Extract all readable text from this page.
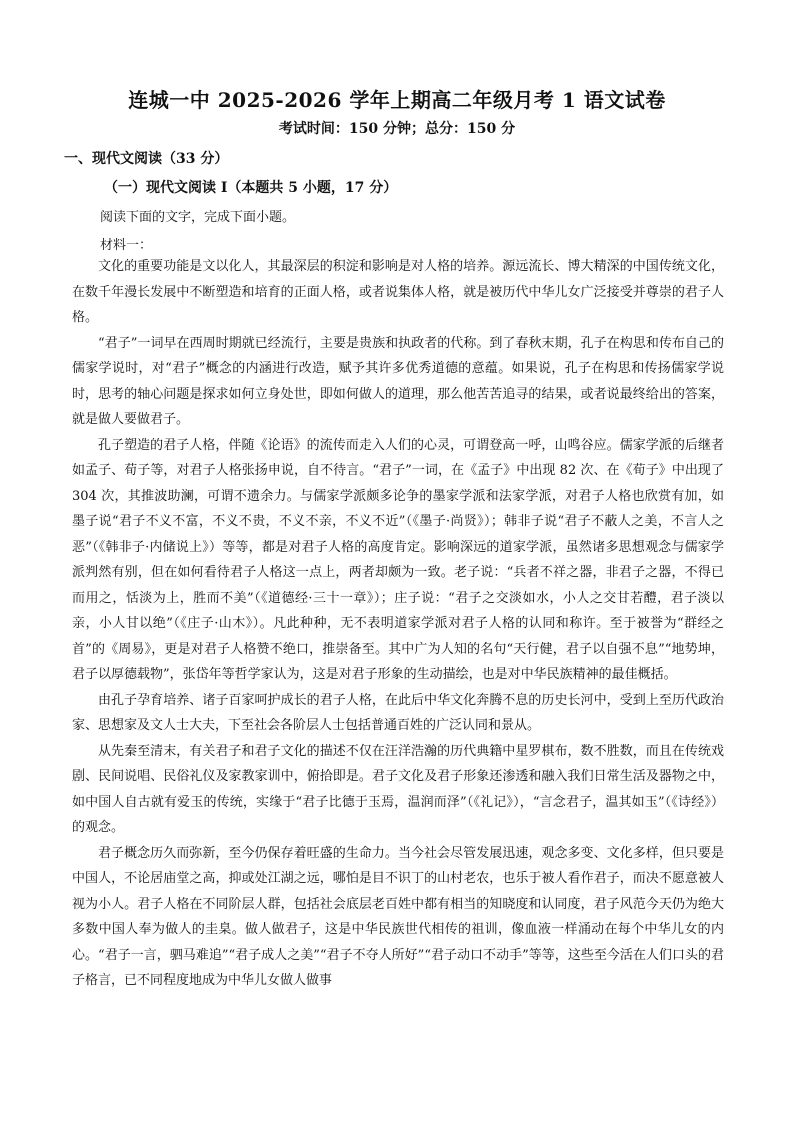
连城一中 2025-2026 学年上期高二年级月考 1 语文试卷
考试时间：150 分钟；总分：150 分
一、现代文阅读（33 分）
（一）现代文阅读 I（本题共 5 小题，17 分）
阅读下面的文字，完成下面小题。
材料一：

文化的重要功能是文以化人，其最深层的积淀和影响是对人格的培养。源远流长、博大精深的中国传统文化，在数千年漫长发展中不断塑造和培育的正面人格，或者说集体人格，就是被历代中华儿女广泛接受并尊崇的君子人格。

“君子”一词早在西周时期就已经流行，主要是贵族和执政者的代称。到了春秋末期，孔子在构思和传布自己的儒家学说时，对“君子”概念的内涵进行改造，赋予其许多优秀道德的意蕴。如果说，孔子在构思和传扬儒家学说时，思考的轴心问题是探求如何立身处世，即如何做人的道理，那么他苦苦追寻的结果，或者说最终给出的答案，就是做人要做君子。

孔子塑造的君子人格，伴随《论语》的流传而走入人们的心灵，可谓登高一呼，山鸣谷应。儒家学派的后继者如孟子、荀子等，对君子人格张扬申说，自不待言。“君子”一词，在《孟子》中出现 82 次、在《荀子》中出现了 304 次，其推波助澜，可谓不遗余力。与儒家学派颇多论争的墨家学派和法家学派，对君子人格也欣赏有加，如墨子说“君子不义不富，不义不贵，不义不亲，不义不近”（《墨子·尚贤》）；韩非子说“君子不蔽人之美，不言人之恶”（《韩非子·内储说上》）等等，都是对君子人格的高度肯定。影响深远的道家学派，虽然诸多思想观念与儒家学派判然有别，但在如何看待君子人格这一点上，两者却颇为一致。老子说：“兵者不祥之器，非君子之器，不得已而用之，恬淡为上，胜而不美”（《道德经·三十一章》）；庄子说：“君子之交淡如水，小人之交甘若醴，君子淡以亲，小人甘以绝”（《庄子·山木》）。凡此种种，无不表明道家学派对君子人格的认同和称许。至于被誉为“群经之首”的《周易》，更是对君子人格赞不绝口，推崇备至。其中广为人知的名句“天行健，君子以自强不息”“地势坤，君子以厚德载物”，张岱年等哲学家认为，这是对君子形象的生动描绘，也是对中华民族精神的最佳概括。

由孔子孕育培养、诸子百家呵护成长的君子人格，在此后中华文化奔腾不息的历史长河中，受到上至历代政治家、思想家及文人士大夫，下至社会各阶层人士包括普通百姓的广泛认同和景从。

从先秦至清末，有关君子和君子文化的描述不仅在汪洋浩瀚的历代典籍中星罗棋布，数不胜数，而且在传统戏剧、民间说唱、民俗礼仪及家教家训中，俯拾即是。君子文化及君子形象还渗透和融入我们日常生活及器物之中，如中国人自古就有爱玉的传统，实缘于“君子比德于玉焉，温润而泽”（《礼记》），“言念君子，温其如玉”（《诗经》）的观念。

君子概念历久而弥新，至今仍保存着旺盛的生命力。当今社会尽管发展迅速，观念多变、文化多样，但只要是中国人，不论居庙堂之高，抑或处江湖之远，哪怕是目不识丁的山村老农，也乐于被人看作君子，而决不愿意被人视为小人。君子人格在不同阶层人群，包括社会底层老百姓中都有相当的知晓度和认同度，君子风范今天仍为绝大多数中国人奉为做人的圭臬。做人做君子，这是中华民族世代相传的祖训，像血液一样涌动在每个中华儿女的内心。“君子一言，驷马难追”“君子成人之美”“君子不夺人所好”“君子动口不动手”等等，这些至今活在人们口头的君子格言，已不同程度地成为中华儿女做人做事
